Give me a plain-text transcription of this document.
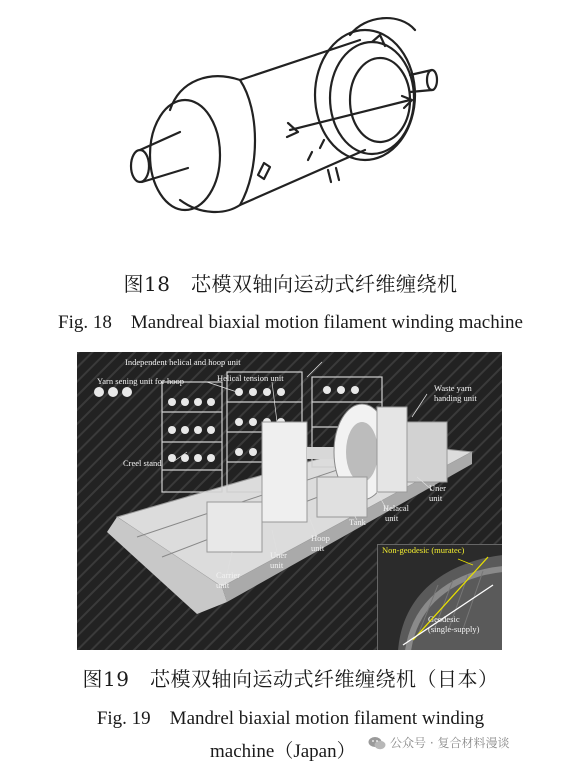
图18　芯模双轴向运动式纤维缠绕机
Fig. 18　Mandreal biaxial motion filament winding machine
Independent helical and hoop unit
Yarn sening unit for hoop	Helical tension unit
Waste yarn
handing unit
Creel stand
Uner
unit
Helacal
unit
Tank
Hoop
unit
Uner
unit
Carrier
unit
Non-geodesic (muratec)
Geodesic
(single-supply)
图19　芯模双轴向运动式纤维缠绕机（日本）
Fig. 19　Mandrel biaxial motion filament winding
machine（Japan）	公众号 · 复合材料漫谈
